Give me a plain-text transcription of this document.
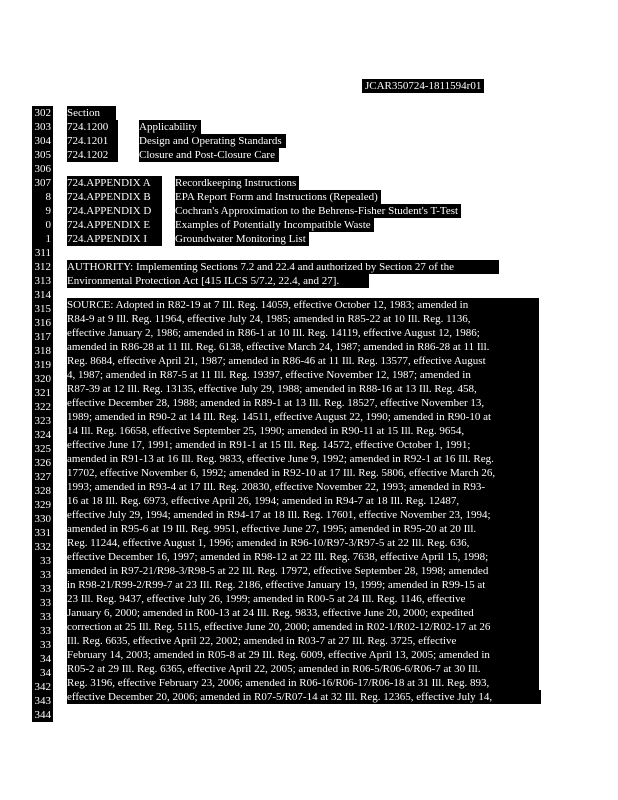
JCAR350724-1811594r01
302
303
304
305
306
307
8
9
0
1
311
312
313
314
315
316
317
318
319
320
321
322
323
324
325
326
327
328
329
330
331
332
33
33
33
33
33
33
33
34
34
342
343
344
Section
724.1200	Applicability
724.1201	Design and Operating Standards
724.1202	Closure and Post-Closure Care
724.APPENDIX A	Recordkeeping Instructions
724.APPENDIX B	EPA Report Form and Instructions (Repealed)
724.APPENDIX D	Cochran's Approximation to the Behrens-Fisher Student's T-Test
724.APPENDIX E	Examples of Potentially Incompatible Waste
724.APPENDIX I	Groundwater Monitoring List
AUTHORITY: Implementing Sections 7.2 and 22.4 and authorized by Section 27 of the
Environmental Protection Act [415 ILCS 5/7.2, 22.4, and 27].
SOURCE: Adopted in R82-19 at 7 Ill. Reg. 14059, effective October 12, 1983; amended in
R84-9 at 9 Ill. Reg. 11964, effective July 24, 1985; amended in R85-22 at 10 Ill. Reg. 1136,
effective January 2, 1986; amended in R86-1 at 10 Ill. Reg. 14119, effective August 12, 1986;
amended in R86-28 at 11 Ill. Reg. 6138, effective March 24, 1987; amended in R86-28 at 11 Ill.
Reg. 8684, effective April 21, 1987; amended in R86-46 at 11 Ill. Reg. 13577, effective August
4, 1987; amended in R87-5 at 11 Ill. Reg. 19397, effective November 12, 1987; amended in
R87-39 at 12 Ill. Reg. 13135, effective July 29, 1988; amended in R88-16 at 13 Ill. Reg. 458,
effective December 28, 1988; amended in R89-1 at 13 Ill. Reg. 18527, effective November 13,
1989; amended in R90-2 at 14 Ill. Reg. 14511, effective August 22, 1990; amended in R90-10 at
14 Ill. Reg. 16658, effective September 25, 1990; amended in R90-11 at 15 Ill. Reg. 9654,
effective June 17, 1991; amended in R91-1 at 15 Ill. Reg. 14572, effective October 1, 1991;
amended in R91-13 at 16 Ill. Reg. 9833, effective June 9, 1992; amended in R92-1 at 16 Ill. Reg.
17702, effective November 6, 1992; amended in R92-10 at 17 Ill. Reg. 5806, effective March 26,
1993; amended in R93-4 at 17 Ill. Reg. 20830, effective November 22, 1993; amended in R93-
16 at 18 Ill. Reg. 6973, effective April 26, 1994; amended in R94-7 at 18 Ill. Reg. 12487,
effective July 29, 1994; amended in R94-17 at 18 Ill. Reg. 17601, effective November 23, 1994;
amended in R95-6 at 19 Ill. Reg. 9951, effective June 27, 1995; amended in R95-20 at 20 Ill.
Reg. 11244, effective August 1, 1996; amended in R96-10/R97-3/R97-5 at 22 Ill. Reg. 636,
effective December 16, 1997; amended in R98-12 at 22 Ill. Reg. 7638, effective April 15, 1998;
amended in R97-21/R98-3/R98-5 at 22 Ill. Reg. 17972, effective September 28, 1998; amended
in R98-21/R99-2/R99-7 at 23 Ill. Reg. 2186, effective January 19, 1999; amended in R99-15 at
23 Ill. Reg. 9437, effective July 26, 1999; amended in R00-5 at 24 Ill. Reg. 1146, effective
January 6, 2000; amended in R00-13 at 24 Ill. Reg. 9833, effective June 20, 2000; expedited
correction at 25 Ill. Reg. 5115, effective June 20, 2000; amended in R02-1/R02-12/R02-17 at 26
Ill. Reg. 6635, effective April 22, 2002; amended in R03-7 at 27 Ill. Reg. 3725, effective
February 14, 2003; amended in R05-8 at 29 Ill. Reg. 6009, effective April 13, 2005; amended in
R05-2 at 29 Ill. Reg. 6365, effective April 22, 2005; amended in R06-5/R06-6/R06-7 at 30 Ill.
Reg. 3196, effective February 23, 2006; amended in R06-16/R06-17/R06-18 at 31 Ill. Reg. 893,
effective December 20, 2006; amended in R07-5/R07-14 at 32 Ill. Reg. 12365, effective July 14,
